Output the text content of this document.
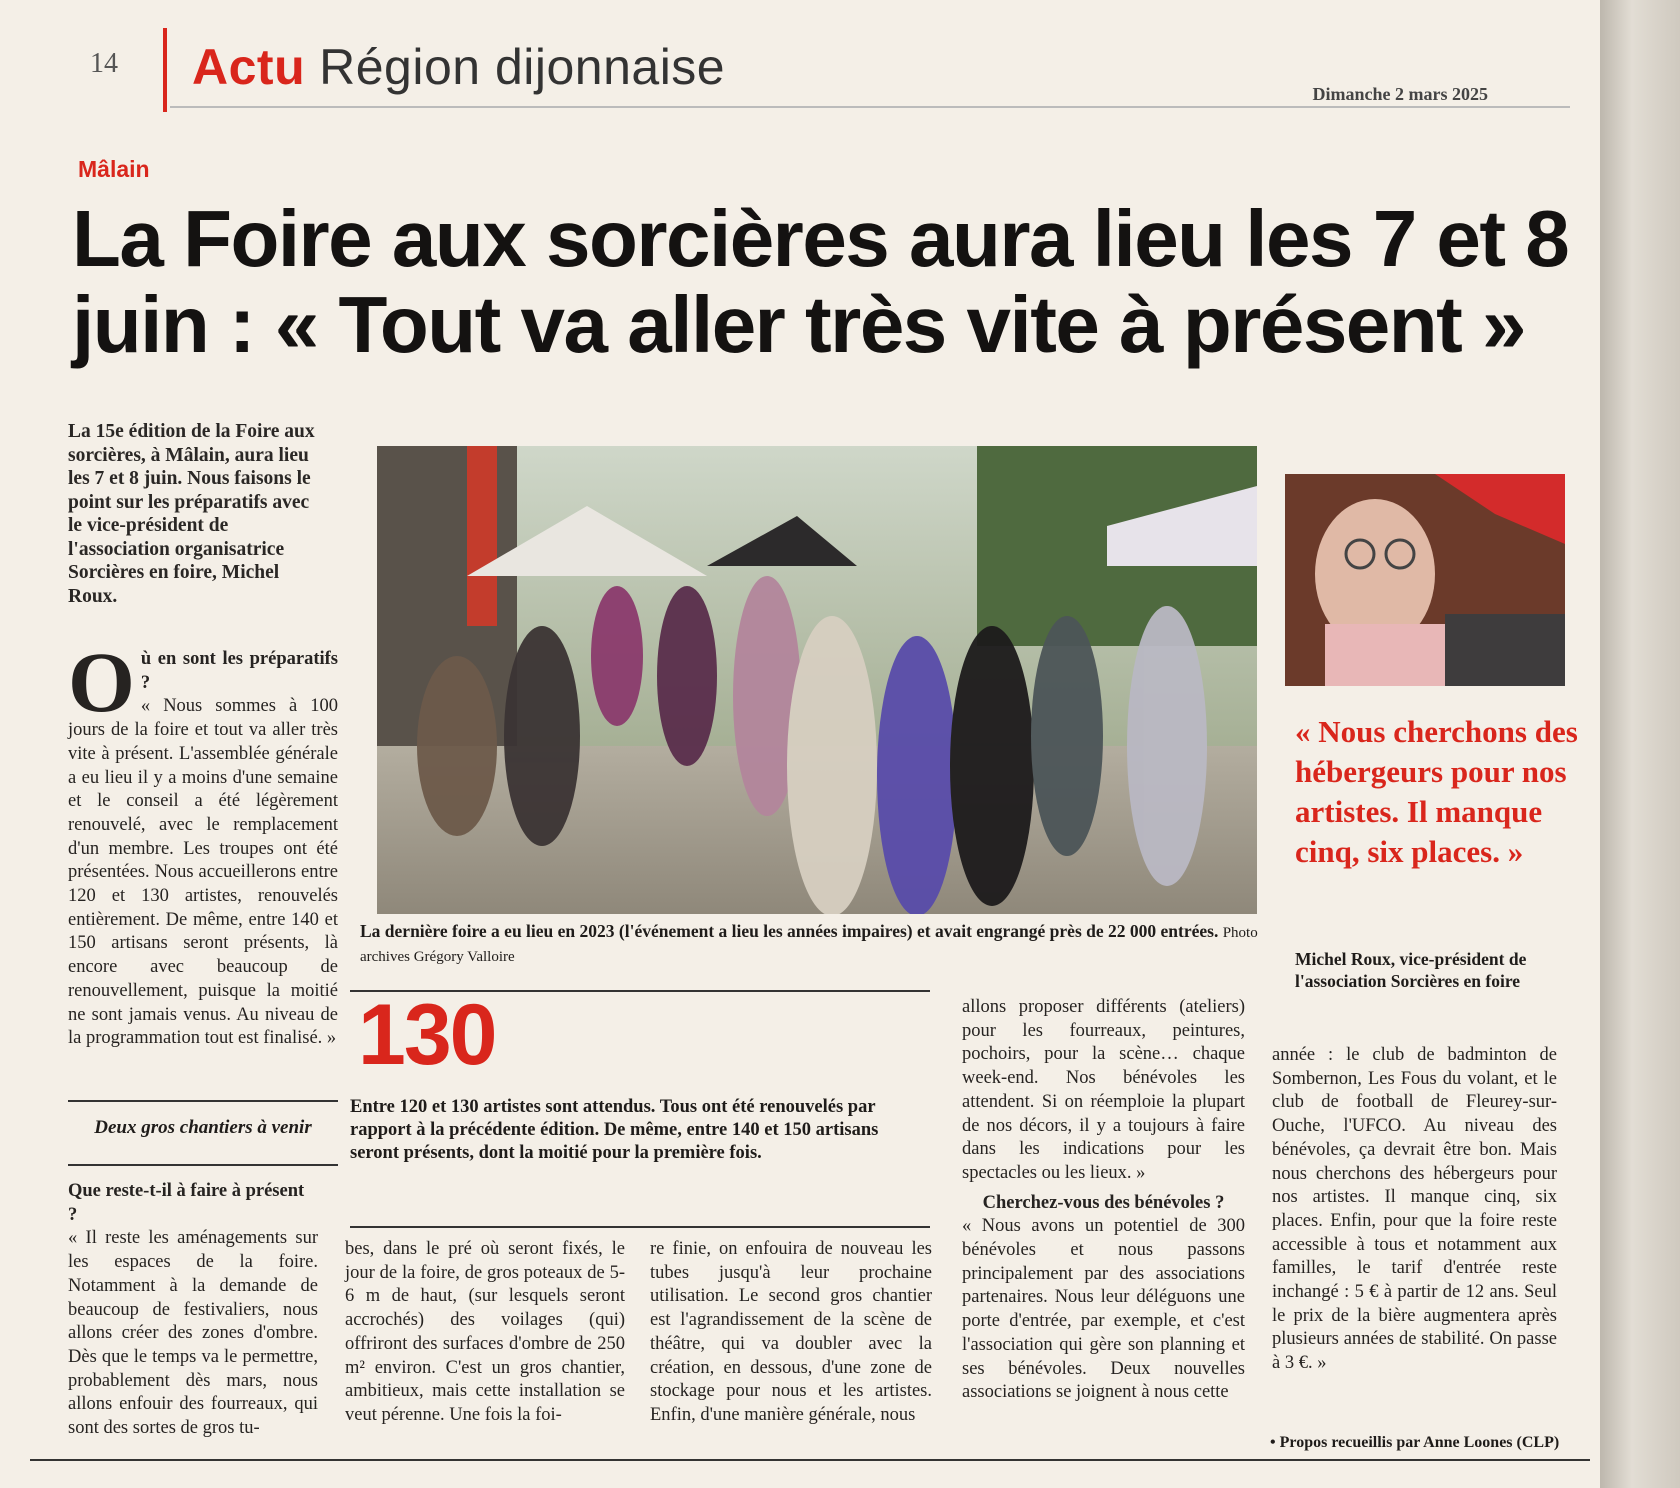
14 Actu Région dijonnaise	Dimanche 2 mars 2025
Mâlain
La Foire aux sorcières aura lieu les 7 et 8 juin : « Tout va aller très vite à présent »
La 15e édition de la Foire aux sorcières, à Mâlain, aura lieu les 7 et 8 juin. Nous faisons le point sur les préparatifs avec le vice-président de l'association organisatrice Sorcières en foire, Michel Roux.
O ù en sont les préparatifs ?

« Nous sommes à 100 jours de la foire et tout va aller très vite à présent. L'assemblée générale a eu lieu il y a moins d'une semaine et le conseil a été légèrement renouvelé, avec le remplacement d'un membre. Les troupes ont été présentées. Nous accueillerons entre 120 et 130 artistes, renouvelés entièrement. De même, entre 140 et 150 artisans seront présents, là encore avec beaucoup de renouvellement, puisque la moitié ne sont jamais venus. Au niveau de la programmation tout est finalisé. »

Deux gros chantiers à venir

Que reste-t-il à faire à présent ?

« Il reste les aménagements sur les espaces de la foire. Notamment à la demande de beaucoup de festivaliers, nous allons créer des zones d'ombre. Dès que le temps va le permettre, probablement dès mars, nous allons enfouir des fourreaux, qui sont des sortes de gros tu-

La dernière foire a eu lieu en 2023 (l'événement a lieu les années impaires) et avait engrangé près de 22 000 entrées. Photo archives Grégory Valloire
« Nous cherchons des hébergeurs pour nos artistes. Il manque cinq, six places. »
Michel Roux, vice-président de l'association Sorcières en foire
130
Entre 120 et 130 artistes sont attendus. Tous ont été renouvelés par rapport à la précédente édition. De même, entre 140 et 150 artisans seront présents, dont la moitié pour la première fois.

bes, dans le pré où seront fixés, le jour de la foire, de gros poteaux de 5-6 m de haut, (sur lesquels seront accrochés) des voilages (qui) offriront des surfaces d'ombre de 250 m² environ. C'est un gros chantier, ambitieux, mais cette installation se veut pérenne. Une fois la foi-

re finie, on enfouira de nouveau les tubes jusqu'à leur prochaine utilisation. Le second gros chantier est l'agrandissement de la scène de théâtre, qui va doubler avec la création, en dessous, d'une zone de stockage pour nous et les artistes. Enfin, d'une manière générale, nous

allons proposer différents (ateliers) pour les fourreaux, peintures, pochoirs, pour la scène… chaque week-end. Nos bénévoles les attendent. Si on réemploie la plupart de nos décors, il y a toujours à faire dans les indications pour les spectacles ou les lieux. »

Cherchez-vous des bénévoles ?

« Nous avons un potentiel de 300 bénévoles et nous passons principalement par des associations partenaires. Nous leur déléguons une porte d'entrée, par exemple, et c'est l'association qui gère son planning et ses bénévoles. Deux nouvelles associations se joignent à nous cette

année : le club de badminton de Sombernon, Les Fous du volant, et le club de football de Fleurey-sur-Ouche, l'UFCO. Au niveau des bénévoles, ça devrait être bon. Mais nous cherchons des hébergeurs pour nos artistes. Il manque cinq, six places. Enfin, pour que la foire reste accessible à tous et notamment aux familles, le tarif d'entrée reste inchangé : 5 € à partir de 12 ans. Seul le prix de la bière augmentera après plusieurs années de stabilité. On passe à 3 €. »

• Propos recueillis par Anne Loones (CLP)
